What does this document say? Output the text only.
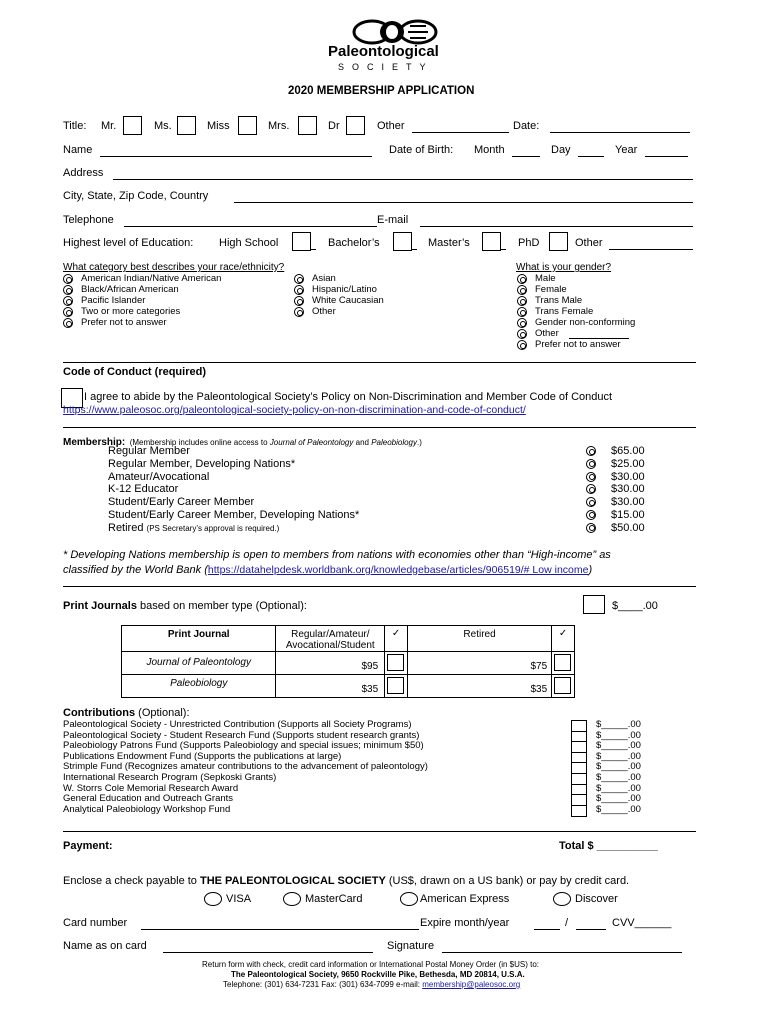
Paleontological
SOCIETY
2020 MEMBERSHIP APPLICATION
Title: Mr.	Ms.	Miss	Mrs.	Dr	Other	Date:
Name	Date of Birth: Month	Day	Year
Address
City, State, Zip Code, Country
Telephone	E-mail
Highest level of Education: High School	Bachelor’s	Master’s	PhD	Other
What category best describes your race/ethnicity?
American Indian/Native American
Black/African American
Pacific Islander
Two or more categories
Prefer not to answer
Asian
Hispanic/Latino
White Caucasian
Other
What is your gender?
Male
Female
Trans Male
Trans Female
Gender non-conforming
Other
Prefer not to answer
Code of Conduct (required)
I agree to abide by the Paleontological Society’s Policy on Non-Discrimination and Member Code of Conduct
https://www.paleosoc.org/paleontological-society-policy-on-non-discrimination-and-code-of-conduct/
Membership: (Membership includes online access to Journal of Paleontology and Paleobiology.)
Regular Member	$65.00
Regular Member, Developing Nations*	$25.00
Amateur/Avocational	$30.00
K-12 Educator	$30.00
Student/Early Career Member	$30.00
Student/Early Career Member, Developing Nations*	$15.00
Retired (PS Secretary’s approval is required.)	$50.00
* Developing Nations membership is open to members from nations with economies other than “High-income” as
classified by the World Bank (https://datahelpdesk.worldbank.org/knowledgebase/articles/906519/# Low income)
Print Journals based on member type (Optional):	$____.00
Print Journal	Regular/Amateur/ Avocational/Student	✓	Retired	✓
Journal of Paleontology	$95		$75	

Paleobiology	$35		$35	
Contributions (Optional):
Paleontological Society - Unrestricted Contribution (Supports all Society Programs)	$_____.00
Paleontological Society - Student Research Fund (Supports student research grants)	$_____.00
Paleobiology Patrons Fund (Supports Paleobiology and special issues; minimum $50)	$_____.00
Publications Endowment Fund (Supports the publications at large)	$_____.00
Strimple Fund (Recognizes amateur contributions to the advancement of paleontology)	$_____.00
International Research Program (Sepkoski Grants)	$_____.00
W. Storrs Cole Memorial Research Award	$_____.00
General Education and Outreach Grants	$_____.00
Analytical Paleobiology Workshop Fund	$_____.00
Payment:	Total $ __________
Enclose a check payable to THE PALEONTOLOGICAL SOCIETY (US$, drawn on a US bank) or pay by credit card.
VISA	MasterCard	American Express	Discover
Card number	Expire month/year	/	CVV______
Name as on card	Signature
Return form with check, credit card information or International Postal Money Order (in $US) to:
The Paleontological Society, 9650 Rockville Pike, Bethesda, MD 20814, U.S.A.
Telephone: (301) 634-7231 Fax: (301) 634-7099 e-mail: membership@paleosoc.org
